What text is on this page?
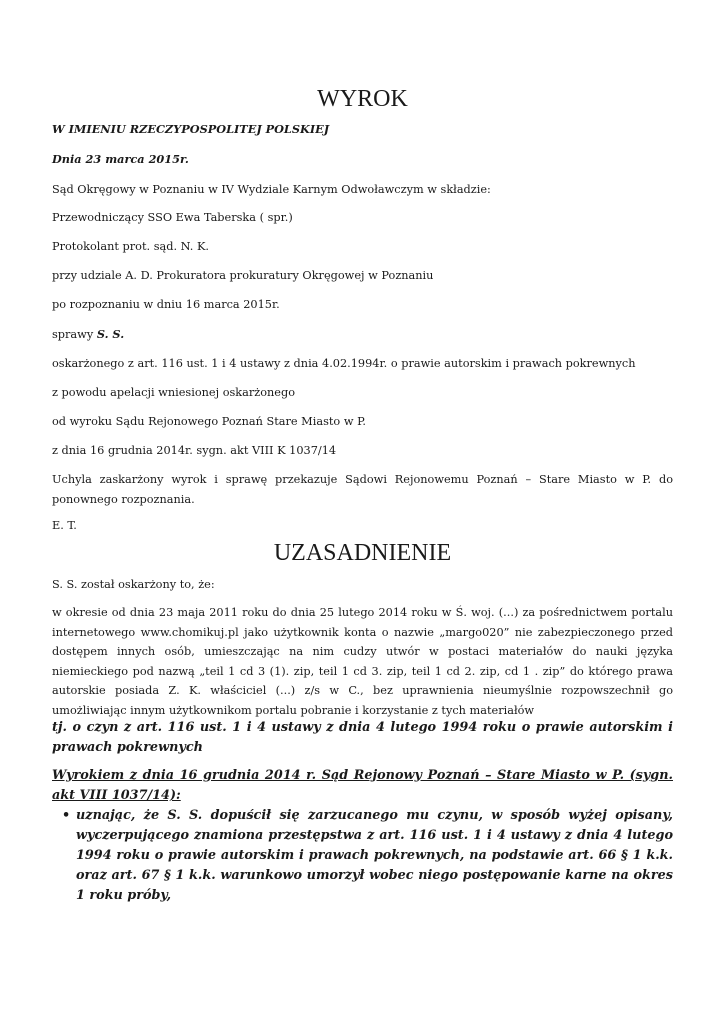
WYROK
W IMIENIU RZECZYPOSPOLITEJ POLSKIEJ
Dnia 23 marca 2015r.
Sąd Okręgowy w Poznaniu w IV Wydziale Karnym Odwoławczym w składzie:
Przewodniczący SSO Ewa Taberska ( spr.)
Protokolant prot. sąd. N. K.
przy udziale A. D. Prokuratora prokuratury Okręgowej w Poznaniu
po rozpoznaniu w dniu 16 marca 2015r.
sprawy S. S.
oskarżonego z art. 116 ust. 1 i 4 ustawy z dnia 4.02.1994r. o prawie autorskim i prawach pokrewnych
z powodu apelacji wniesionej oskarżonego
od wyroku Sądu Rejonowego Poznań Stare Miasto w P.
z dnia 16 grudnia 2014r. sygn. akt VIII K 1037/14
Uchyla zaskarżony wyrok i sprawę przekazuje Sądowi Rejonowemu Poznań – Stare Miasto w P. do ponownego rozpoznania.
E. T.
UZASADNIENIE
S. S. został oskarżony to, że:
w okresie od dnia 23 maja 2011 roku do dnia 25 lutego 2014 roku w Ś. woj. (...) za pośrednictwem portalu internetowego www.chomikuj.pl jako użytkownik konta o nazwie „margo020” nie zabezpieczonego przed dostępem innych osób, umieszczając na nim cudzy utwór w postaci materiałów do nauki języka niemieckiego pod nazwą „teil 1 cd 3 (1). zip, teil 1 cd 3. zip, teil 1 cd 2. zip, cd 1 . zip” do którego prawa autorskie posiada Z. K. właściciel (...) z/s w C., bez uprawnienia nieumyślnie rozpowszechnił go umożliwiając innym użytkownikom portalu pobranie i korzystanie z tych materiałów
tj. o czyn z art. 116 ust. 1 i 4 ustawy z dnia 4 lutego 1994 roku o prawie autorskim i prawach pokrewnych
Wyrokiem z dnia 16 grudnia 2014 r. Sąd Rejonowy Poznań – Stare Miasto w P. (sygn. akt VIII 1037/14):
• uznając, że S. S. dopuścił się zarzucanego mu czynu, w sposób wyżej opisany, wyczerpującego znamiona przestępstwa z art. 116 ust. 1 i 4 ustawy z dnia 4 lutego 1994 roku o prawie autorskim i prawach pokrewnych, na podstawie art. 66 § 1 k.k. oraz art. 67 § 1 k.k. warunkowo umorzył wobec niego postępowanie karne na okres 1 roku próby,
